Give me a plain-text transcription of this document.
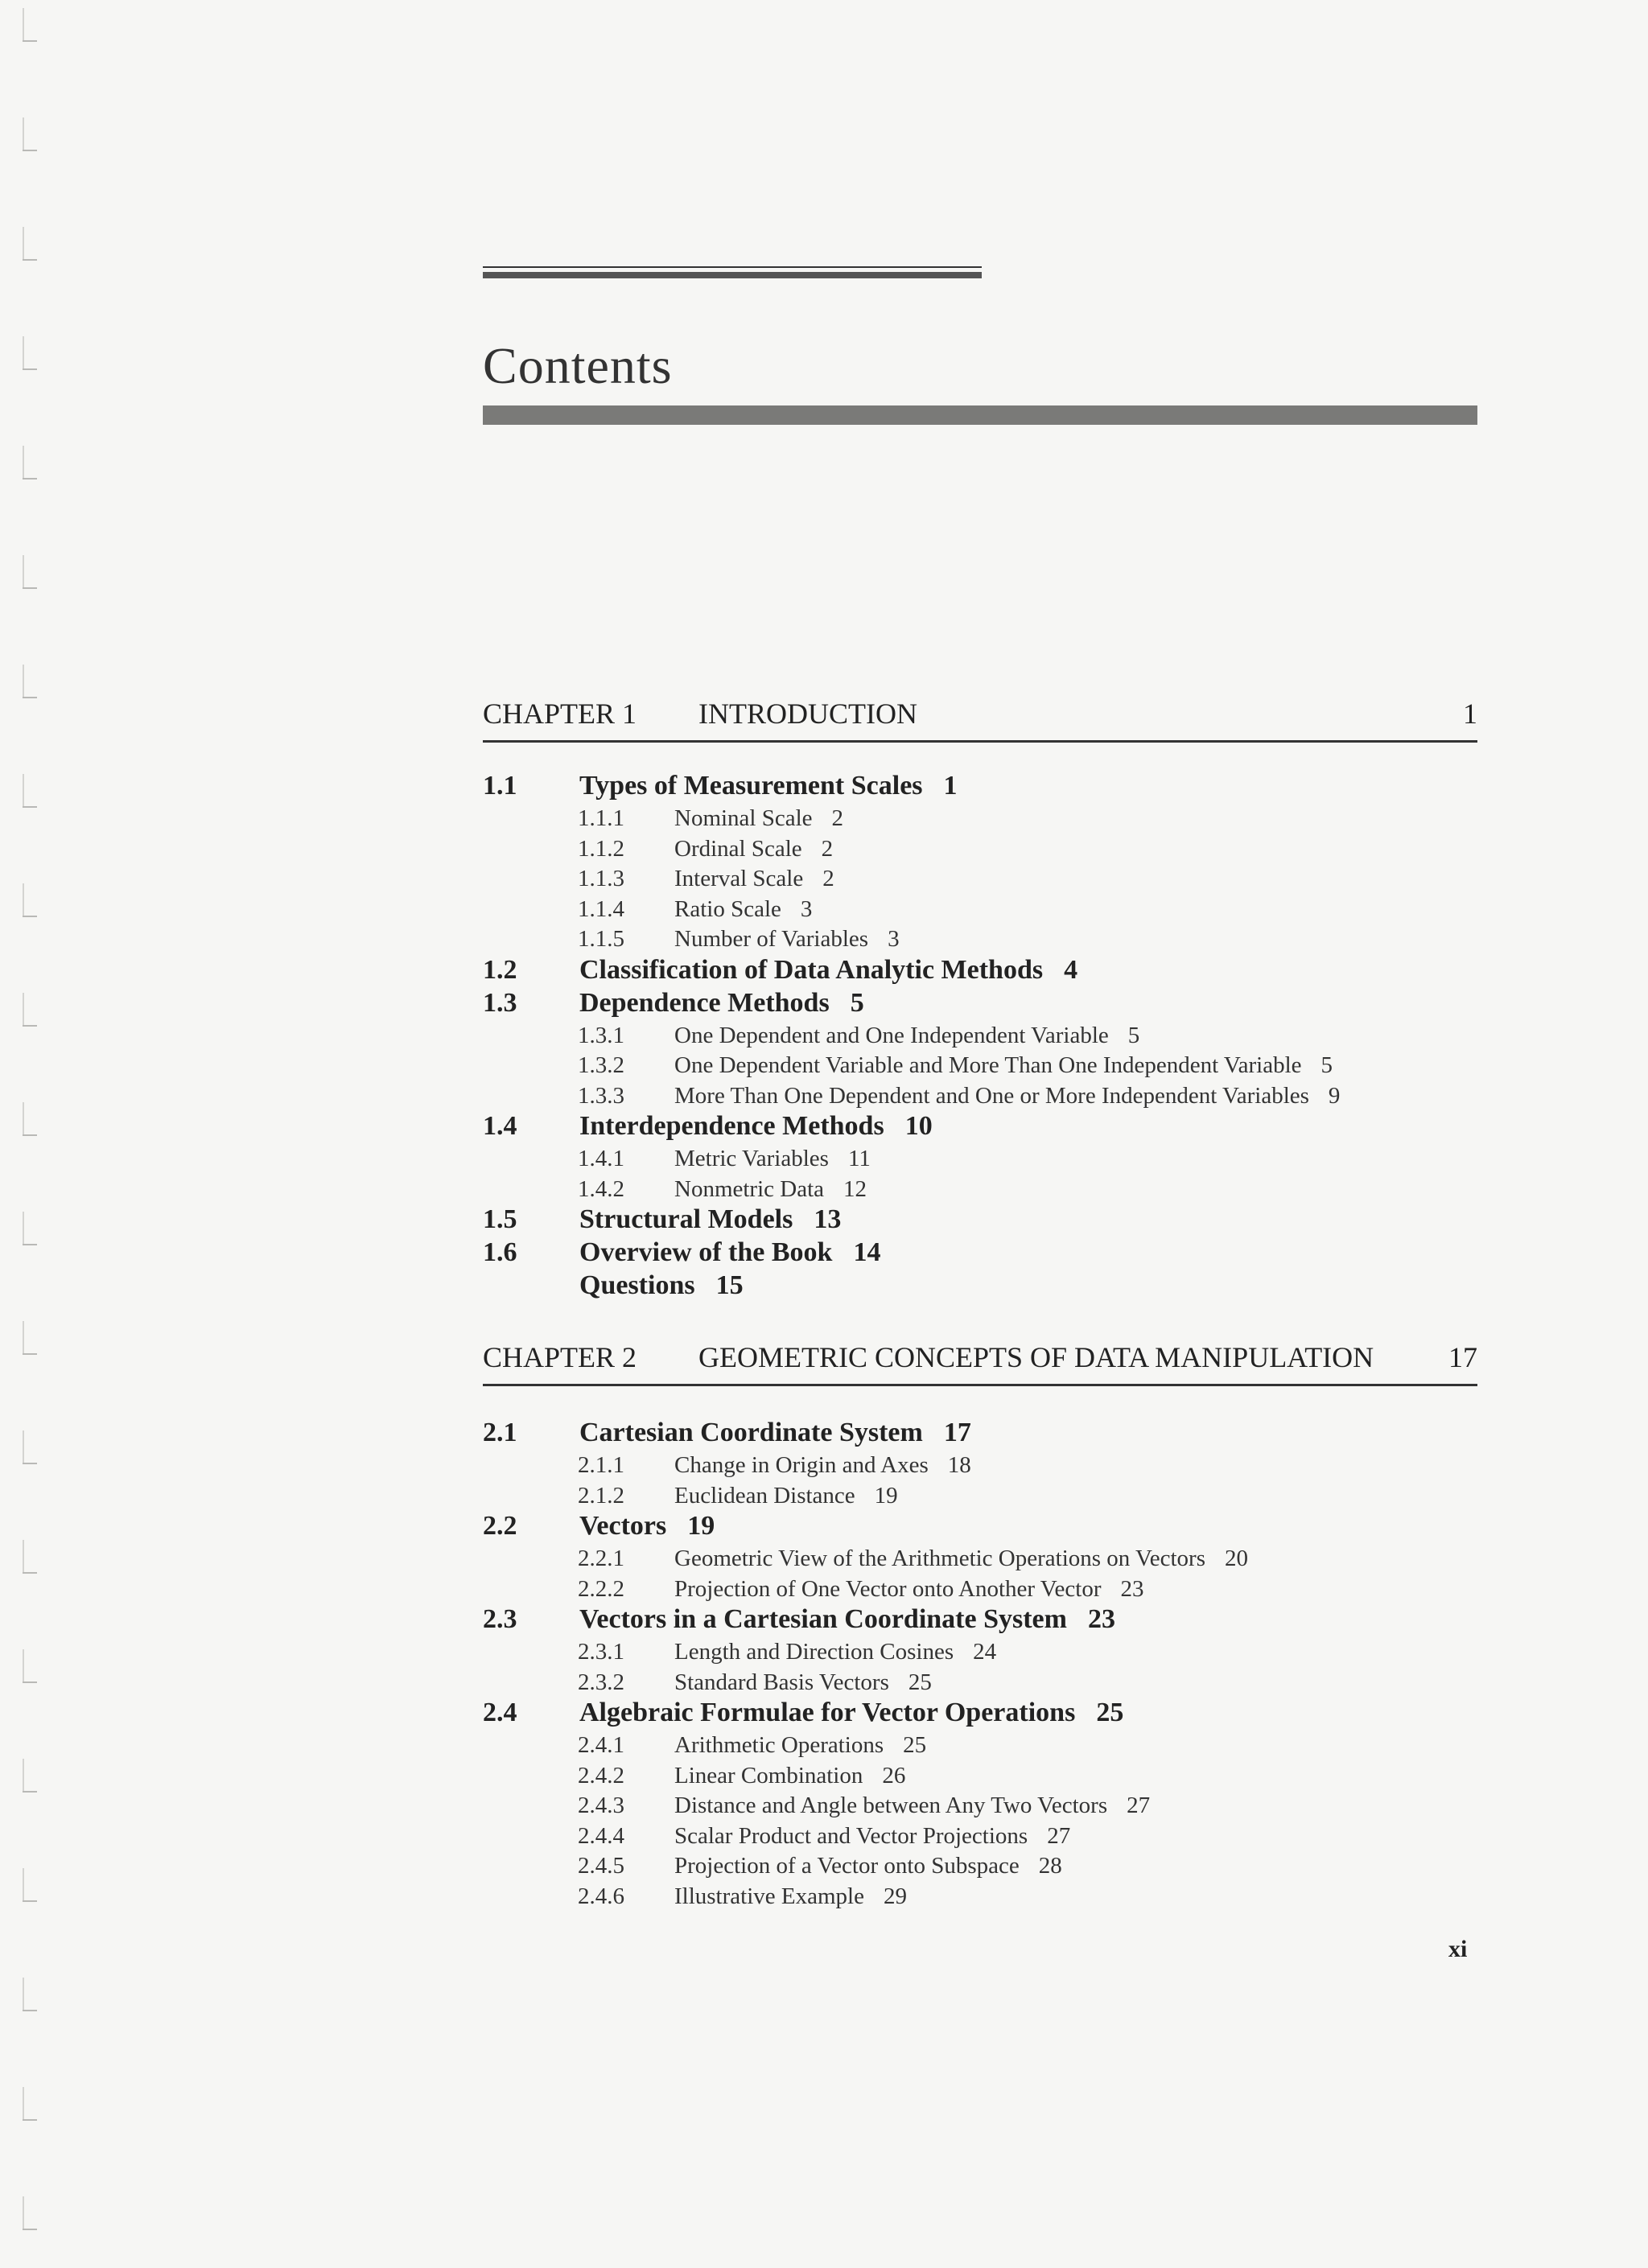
Contents
CHAPTER 1 INTRODUCTION	1
1.1 Types of Measurement Scales 1
1.1.1 Nominal Scale 2
1.1.2 Ordinal Scale 2
1.1.3 Interval Scale 2
1.1.4 Ratio Scale 3
1.1.5 Number of Variables 3
1.2 Classification of Data Analytic Methods 4
1.3 Dependence Methods 5
1.3.1 One Dependent and One Independent Variable 5
1.3.2 One Dependent Variable and More Than One Independent Variable 5
1.3.3 More Than One Dependent and One or More Independent Variables 9
1.4 Interdependence Methods 10
1.4.1 Metric Variables 11
1.4.2 Nonmetric Data 12
1.5 Structural Models 13
1.6 Overview of the Book 14
Questions 15
CHAPTER 2 GEOMETRIC CONCEPTS OF DATA MANIPULATION	17
2.1 Cartesian Coordinate System 17
2.1.1 Change in Origin and Axes 18
2.1.2 Euclidean Distance 19
2.2 Vectors 19
2.2.1 Geometric View of the Arithmetic Operations on Vectors 20
2.2.2 Projection of One Vector onto Another Vector 23
2.3 Vectors in a Cartesian Coordinate System 23
2.3.1 Length and Direction Cosines 24
2.3.2 Standard Basis Vectors 25
2.4 Algebraic Formulae for Vector Operations 25
2.4.1 Arithmetic Operations 25
2.4.2 Linear Combination 26
2.4.3 Distance and Angle between Any Two Vectors 27
2.4.4 Scalar Product and Vector Projections 27
2.4.5 Projection of a Vector onto Subspace 28
2.4.6 Illustrative Example 29
xi
